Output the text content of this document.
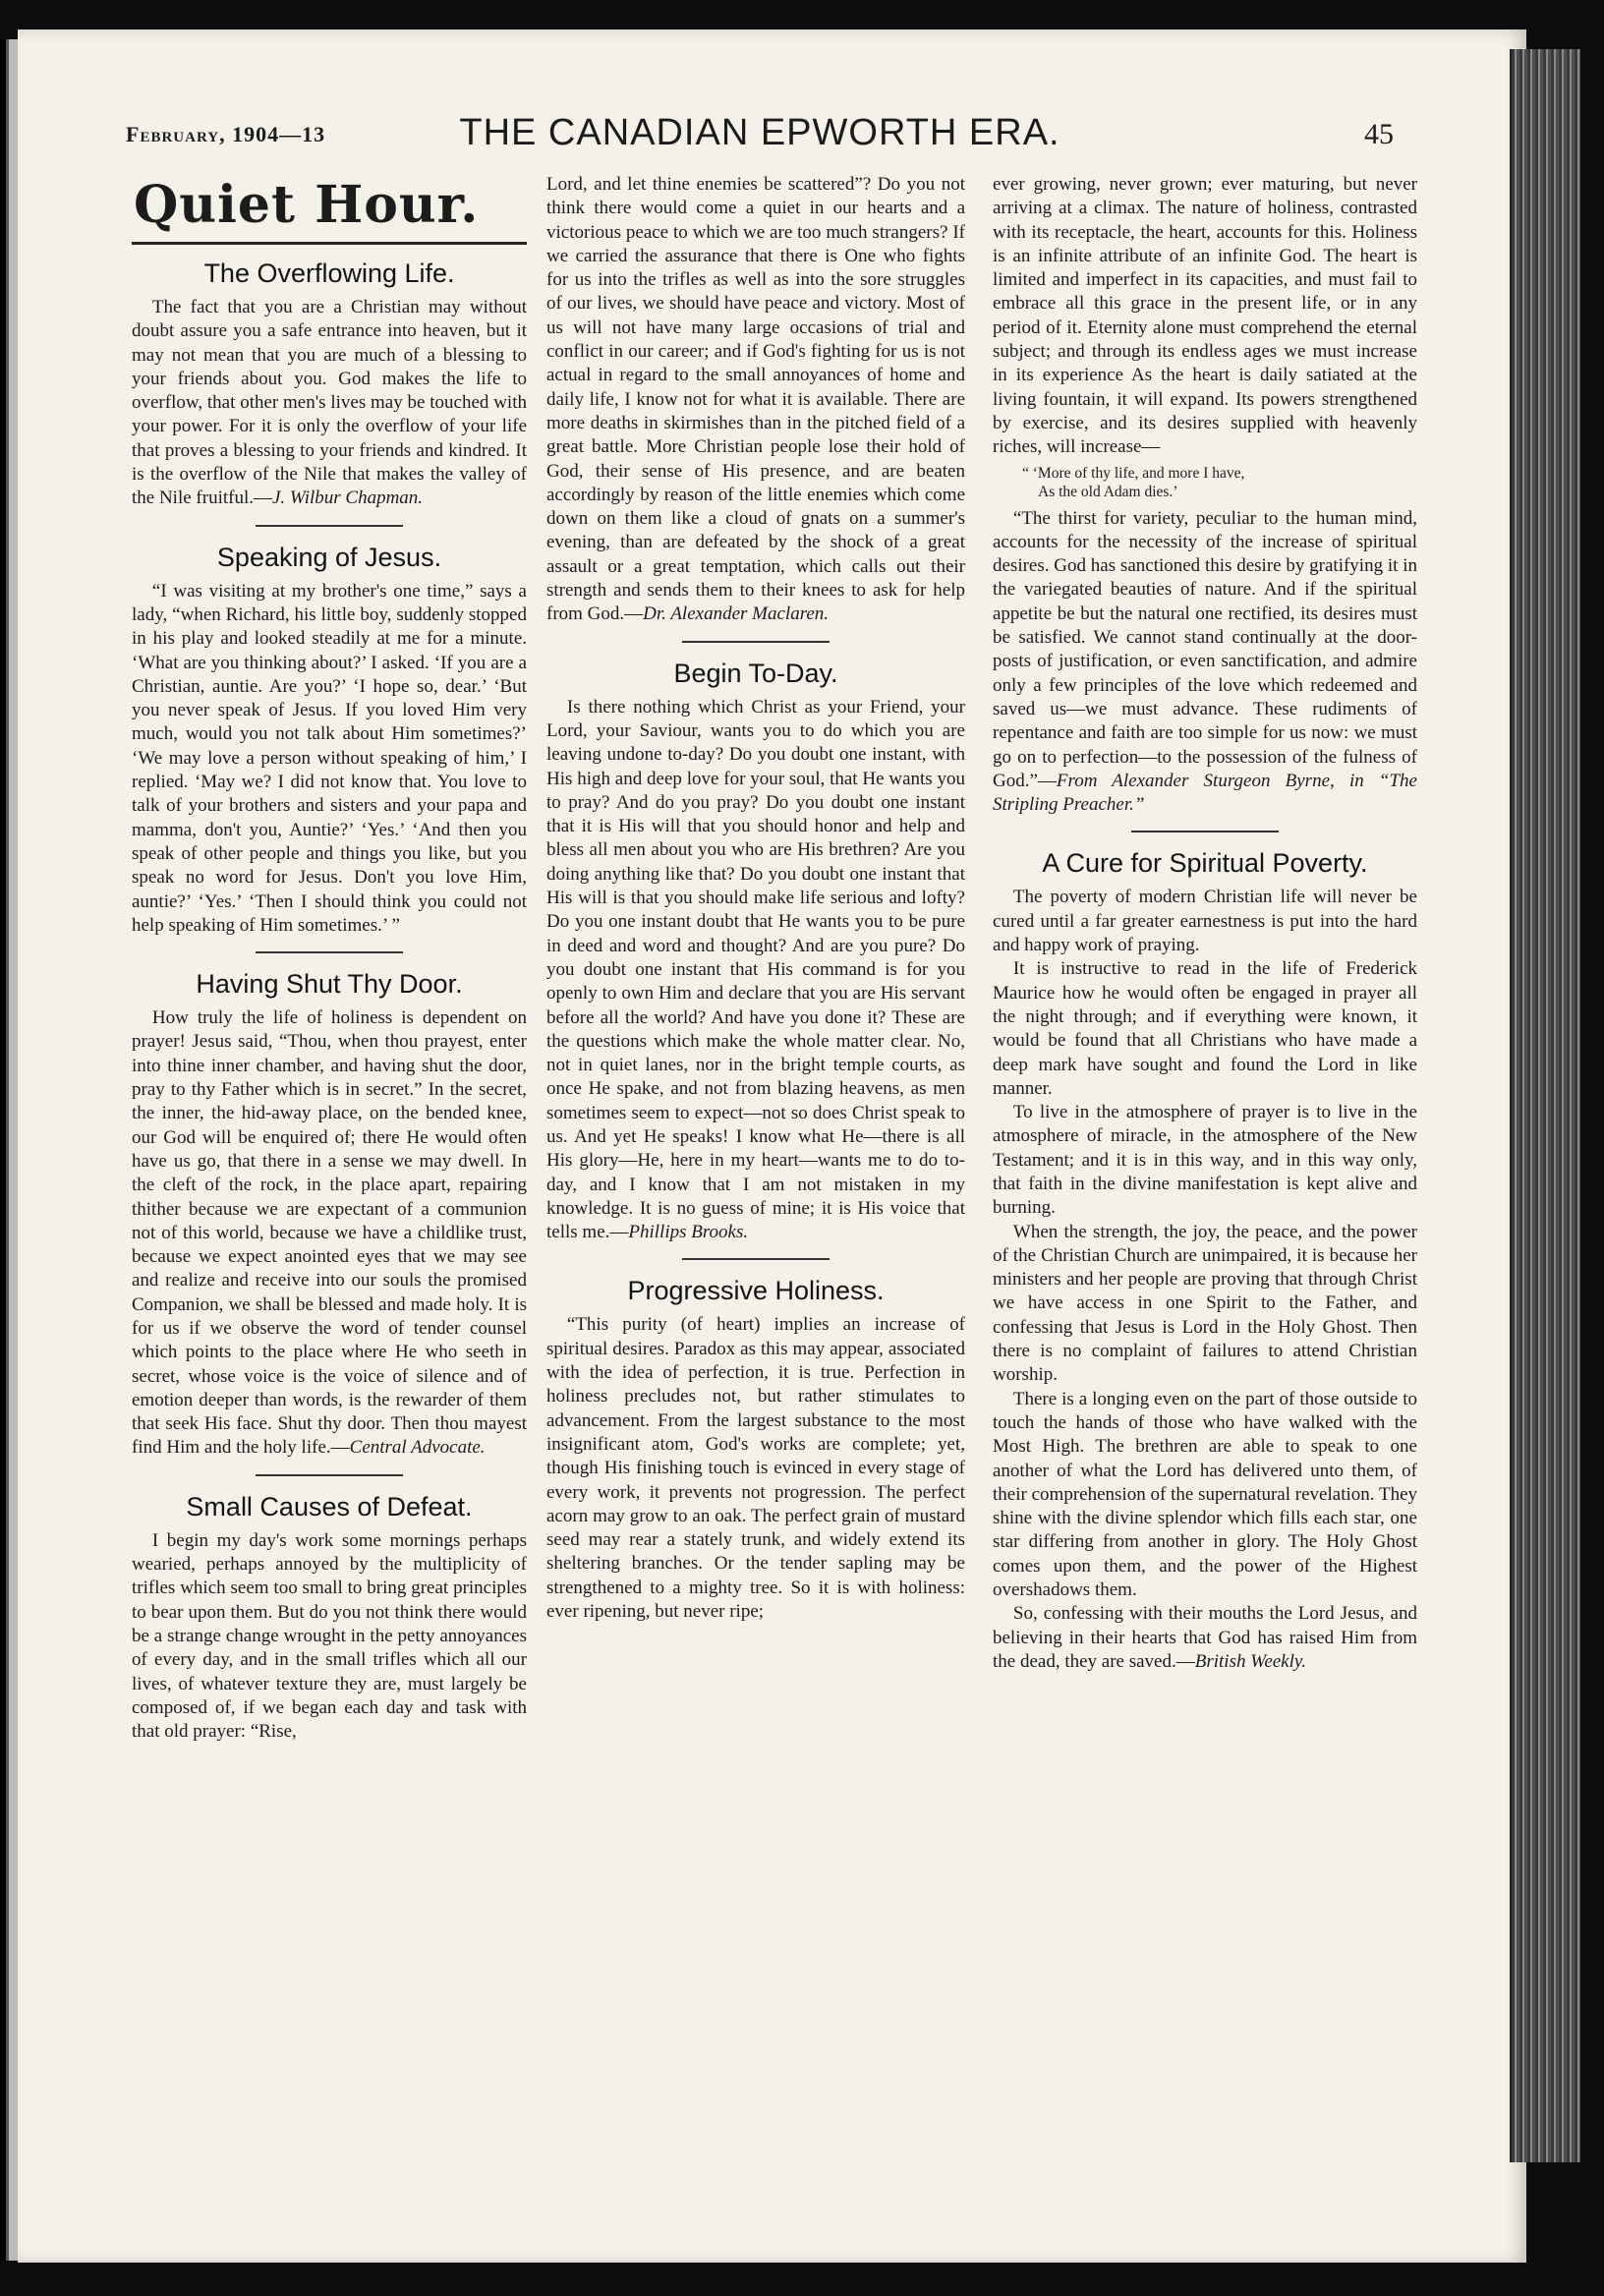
February, 1904—13	THE CANADIAN EPWORTH ERA.	45
Quiet Hour.
The Overflowing Life.

The fact that you are a Christian may without doubt assure you a safe entrance into heaven, but it may not mean that you are much of a blessing to your friends about you. God makes the life to overflow, that other men's lives may be touched with your power. For it is only the overflow of your life that proves a blessing to your friends and kindred. It is the overflow of the Nile that makes the valley of the Nile fruitful.—J. Wilbur Chapman.

Speaking of Jesus.

“I was visiting at my brother's one time,” says a lady, “when Richard, his little boy, suddenly stopped in his play and looked steadily at me for a minute. ‘What are you thinking about?’ I asked. ‘If you are a Christian, auntie. Are you?’ ‘I hope so, dear.’ ‘But you never speak of Jesus. If you loved Him very much, would you not talk about Him sometimes?’ ‘We may love a person without speaking of him,’ I replied. ‘May we? I did not know that. You love to talk of your brothers and sisters and your papa and mamma, don't you, Auntie?’ ‘Yes.’ ‘And then you speak of other people and things you like, but you speak no word for Jesus. Don't you love Him, auntie?’ ‘Yes.’ ‘Then I should think you could not help speaking of Him sometimes.’ ”

Having Shut Thy Door.

How truly the life of holiness is dependent on prayer! Jesus said, “Thou, when thou prayest, enter into thine inner chamber, and having shut the door, pray to thy Father which is in secret.” In the secret, the inner, the hid-away place, on the bended knee, our God will be enquired of; there He would often have us go, that there in a sense we may dwell. In the cleft of the rock, in the place apart, repairing thither because we are expectant of a communion not of this world, because we have a childlike trust, because we expect anointed eyes that we may see and realize and receive into our souls the promised Companion, we shall be blessed and made holy. It is for us if we observe the word of tender counsel which points to the place where He who seeth in secret, whose voice is the voice of silence and of emotion deeper than words, is the rewarder of them that seek His face. Shut thy door. Then thou mayest find Him and the holy life.—Central Advocate.

Small Causes of Defeat.

I begin my day's work some mornings perhaps wearied, perhaps annoyed by the multiplicity of trifles which seem too small to bring great principles to bear upon them. But do you not think there would be a strange change wrought in the petty annoyances of every day, and in the small trifles which all our lives, of whatever texture they are, must largely be composed of, if we began each day and task with that old prayer: “Rise,

Lord, and let thine enemies be scattered”? Do you not think there would come a quiet in our hearts and a victorious peace to which we are too much strangers? If we carried the assurance that there is One who fights for us into the trifles as well as into the sore struggles of our lives, we should have peace and victory. Most of us will not have many large occasions of trial and conflict in our career; and if God's fighting for us is not actual in regard to the small annoyances of home and daily life, I know not for what it is available. There are more deaths in skirmishes than in the pitched field of a great battle. More Christian people lose their hold of God, their sense of His presence, and are beaten accordingly by reason of the little enemies which come down on them like a cloud of gnats on a summer's evening, than are defeated by the shock of a great assault or a great temptation, which calls out their strength and sends them to their knees to ask for help from God.—Dr. Alexander Maclaren.

Begin To-Day.

Is there nothing which Christ as your Friend, your Lord, your Saviour, wants you to do which you are leaving undone to-day? Do you doubt one instant, with His high and deep love for your soul, that He wants you to pray? And do you pray? Do you doubt one instant that it is His will that you should honor and help and bless all men about you who are His brethren? Are you doing anything like that? Do you doubt one instant that His will is that you should make life serious and lofty? Do you one instant doubt that He wants you to be pure in deed and word and thought? And are you pure? Do you doubt one instant that His command is for you openly to own Him and declare that you are His servant before all the world? And have you done it? These are the questions which make the whole matter clear. No, not in quiet lanes, nor in the bright temple courts, as once He spake, and not from blazing heavens, as men sometimes seem to expect—not so does Christ speak to us. And yet He speaks! I know what He—there is all His glory—He, here in my heart—wants me to do to-day, and I know that I am not mistaken in my knowledge. It is no guess of mine; it is His voice that tells me.—Phillips Brooks.

Progressive Holiness.

“This purity (of heart) implies an increase of spiritual desires. Paradox as this may appear, associated with the idea of perfection, it is true. Perfection in holiness precludes not, but rather stimulates to advancement. From the largest substance to the most insignificant atom, God's works are complete; yet, though His finishing touch is evinced in every stage of every work, it prevents not progression. The perfect acorn may grow to an oak. The perfect grain of mustard seed may rear a stately trunk, and widely extend its sheltering branches. Or the tender sapling may be strengthened to a mighty tree. So it is with holiness: ever ripening, but never ripe;

ever growing, never grown; ever maturing, but never arriving at a climax. The nature of holiness, contrasted with its receptacle, the heart, accounts for this. Holiness is an infinite attribute of an infinite God. The heart is limited and imperfect in its capacities, and must fail to embrace all this grace in the present life, or in any period of it. Eternity alone must comprehend the eternal subject; and through its endless ages we must increase in its experience As the heart is daily satiated at the living fountain, it will expand. Its powers strengthened by exercise, and its desires supplied with heavenly riches, will increase—

“ ‘More of thy life, and more I have,
As the old Adam dies.’

“The thirst for variety, peculiar to the human mind, accounts for the necessity of the increase of spiritual desires. God has sanctioned this desire by gratifying it in the variegated beauties of nature. And if the spiritual appetite be but the natural one rectified, its desires must be satisfied. We cannot stand continually at the door-posts of justification, or even sanctification, and admire only a few principles of the love which redeemed and saved us—we must advance. These rudiments of repentance and faith are too simple for us now: we must go on to perfection—to the possession of the fulness of God.”—From Alexander Sturgeon Byrne, in “The Stripling Preacher.”

A Cure for Spiritual Poverty.

The poverty of modern Christian life will never be cured until a far greater earnestness is put into the hard and happy work of praying.

It is instructive to read in the life of Frederick Maurice how he would often be engaged in prayer all the night through; and if everything were known, it would be found that all Christians who have made a deep mark have sought and found the Lord in like manner.

To live in the atmosphere of prayer is to live in the atmosphere of miracle, in the atmosphere of the New Testament; and it is in this way, and in this way only, that faith in the divine manifestation is kept alive and burning.

When the strength, the joy, the peace, and the power of the Christian Church are unimpaired, it is because her ministers and her people are proving that through Christ we have access in one Spirit to the Father, and confessing that Jesus is Lord in the Holy Ghost. Then there is no complaint of failures to attend Christian worship.

There is a longing even on the part of those outside to touch the hands of those who have walked with the Most High. The brethren are able to speak to one another of what the Lord has delivered unto them, of their comprehension of the supernatural revelation. They shine with the divine splendor which fills each star, one star differing from another in glory. The Holy Ghost comes upon them, and the power of the Highest overshadows them.

So, confessing with their mouths the Lord Jesus, and believing in their hearts that God has raised Him from the dead, they are saved.—British Weekly.
